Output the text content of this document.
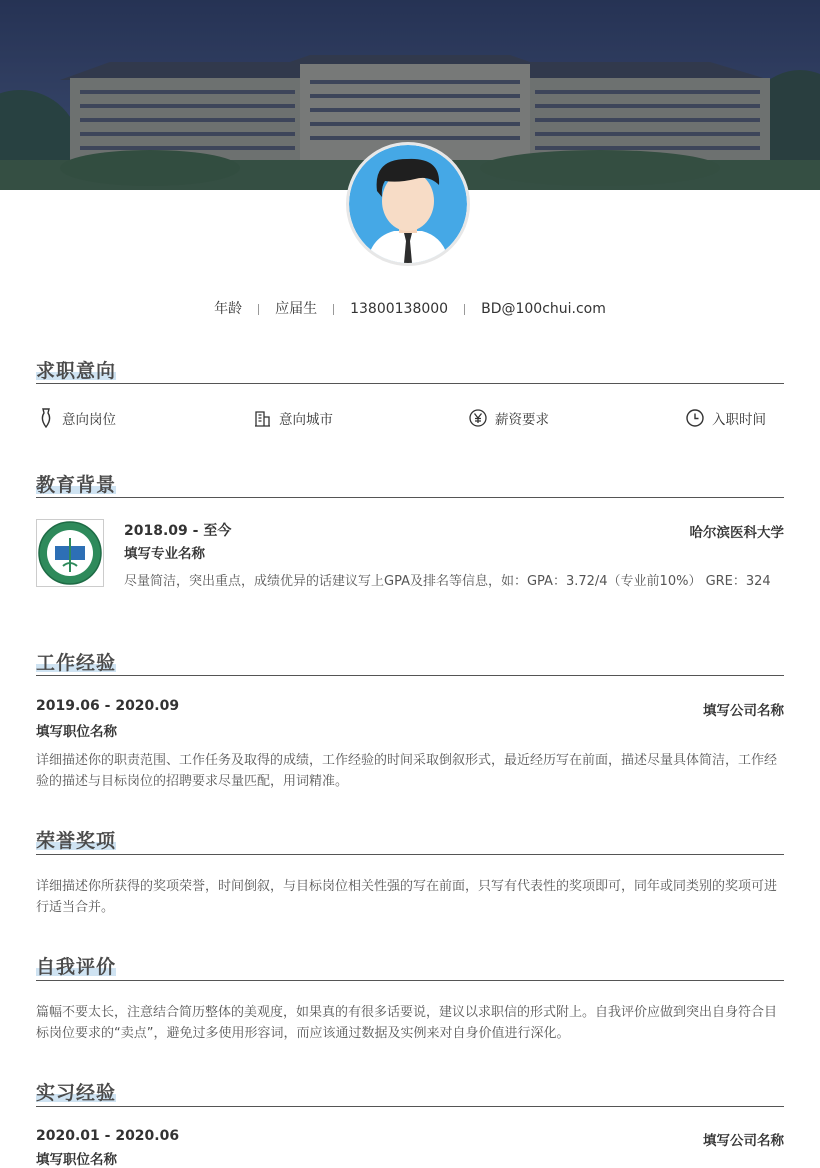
年龄 应届生 13800138000 BD@100chui.com
求职意向
意向岗位	意向城市	薪资要求	入职时间
教育背景
2018.09 - 至今	哈尔滨医科大学
填写专业名称
尽量简洁，突出重点，成绩优异的话建议写上GPA及排名等信息，如：GPA：3.72/4（专业前10%） GRE：324
工作经验
2019.06 - 2020.09	填写公司名称
填写职位名称
详细描述你的职责范围、工作任务及取得的成绩，工作经验的时间采取倒叙形式，最近经历写在前面，描述尽量具体简洁，工作经验的描述与目标岗位的招聘要求尽量匹配，用词精准。
荣誉奖项
详细描述你所获得的奖项荣誉，时间倒叙，与目标岗位相关性强的写在前面，只写有代表性的奖项即可，同年或同类别的奖项可进行适当合并。
自我评价
篇幅不要太长，注意结合简历整体的美观度，如果真的有很多话要说，建议以求职信的形式附上。自我评价应做到突出自身符合目标岗位要求的“卖点”，避免过多使用形容词，而应该通过数据及实例来对自身价值进行深化。
实习经验
2020.01 - 2020.06	填写公司名称
填写职位名称
